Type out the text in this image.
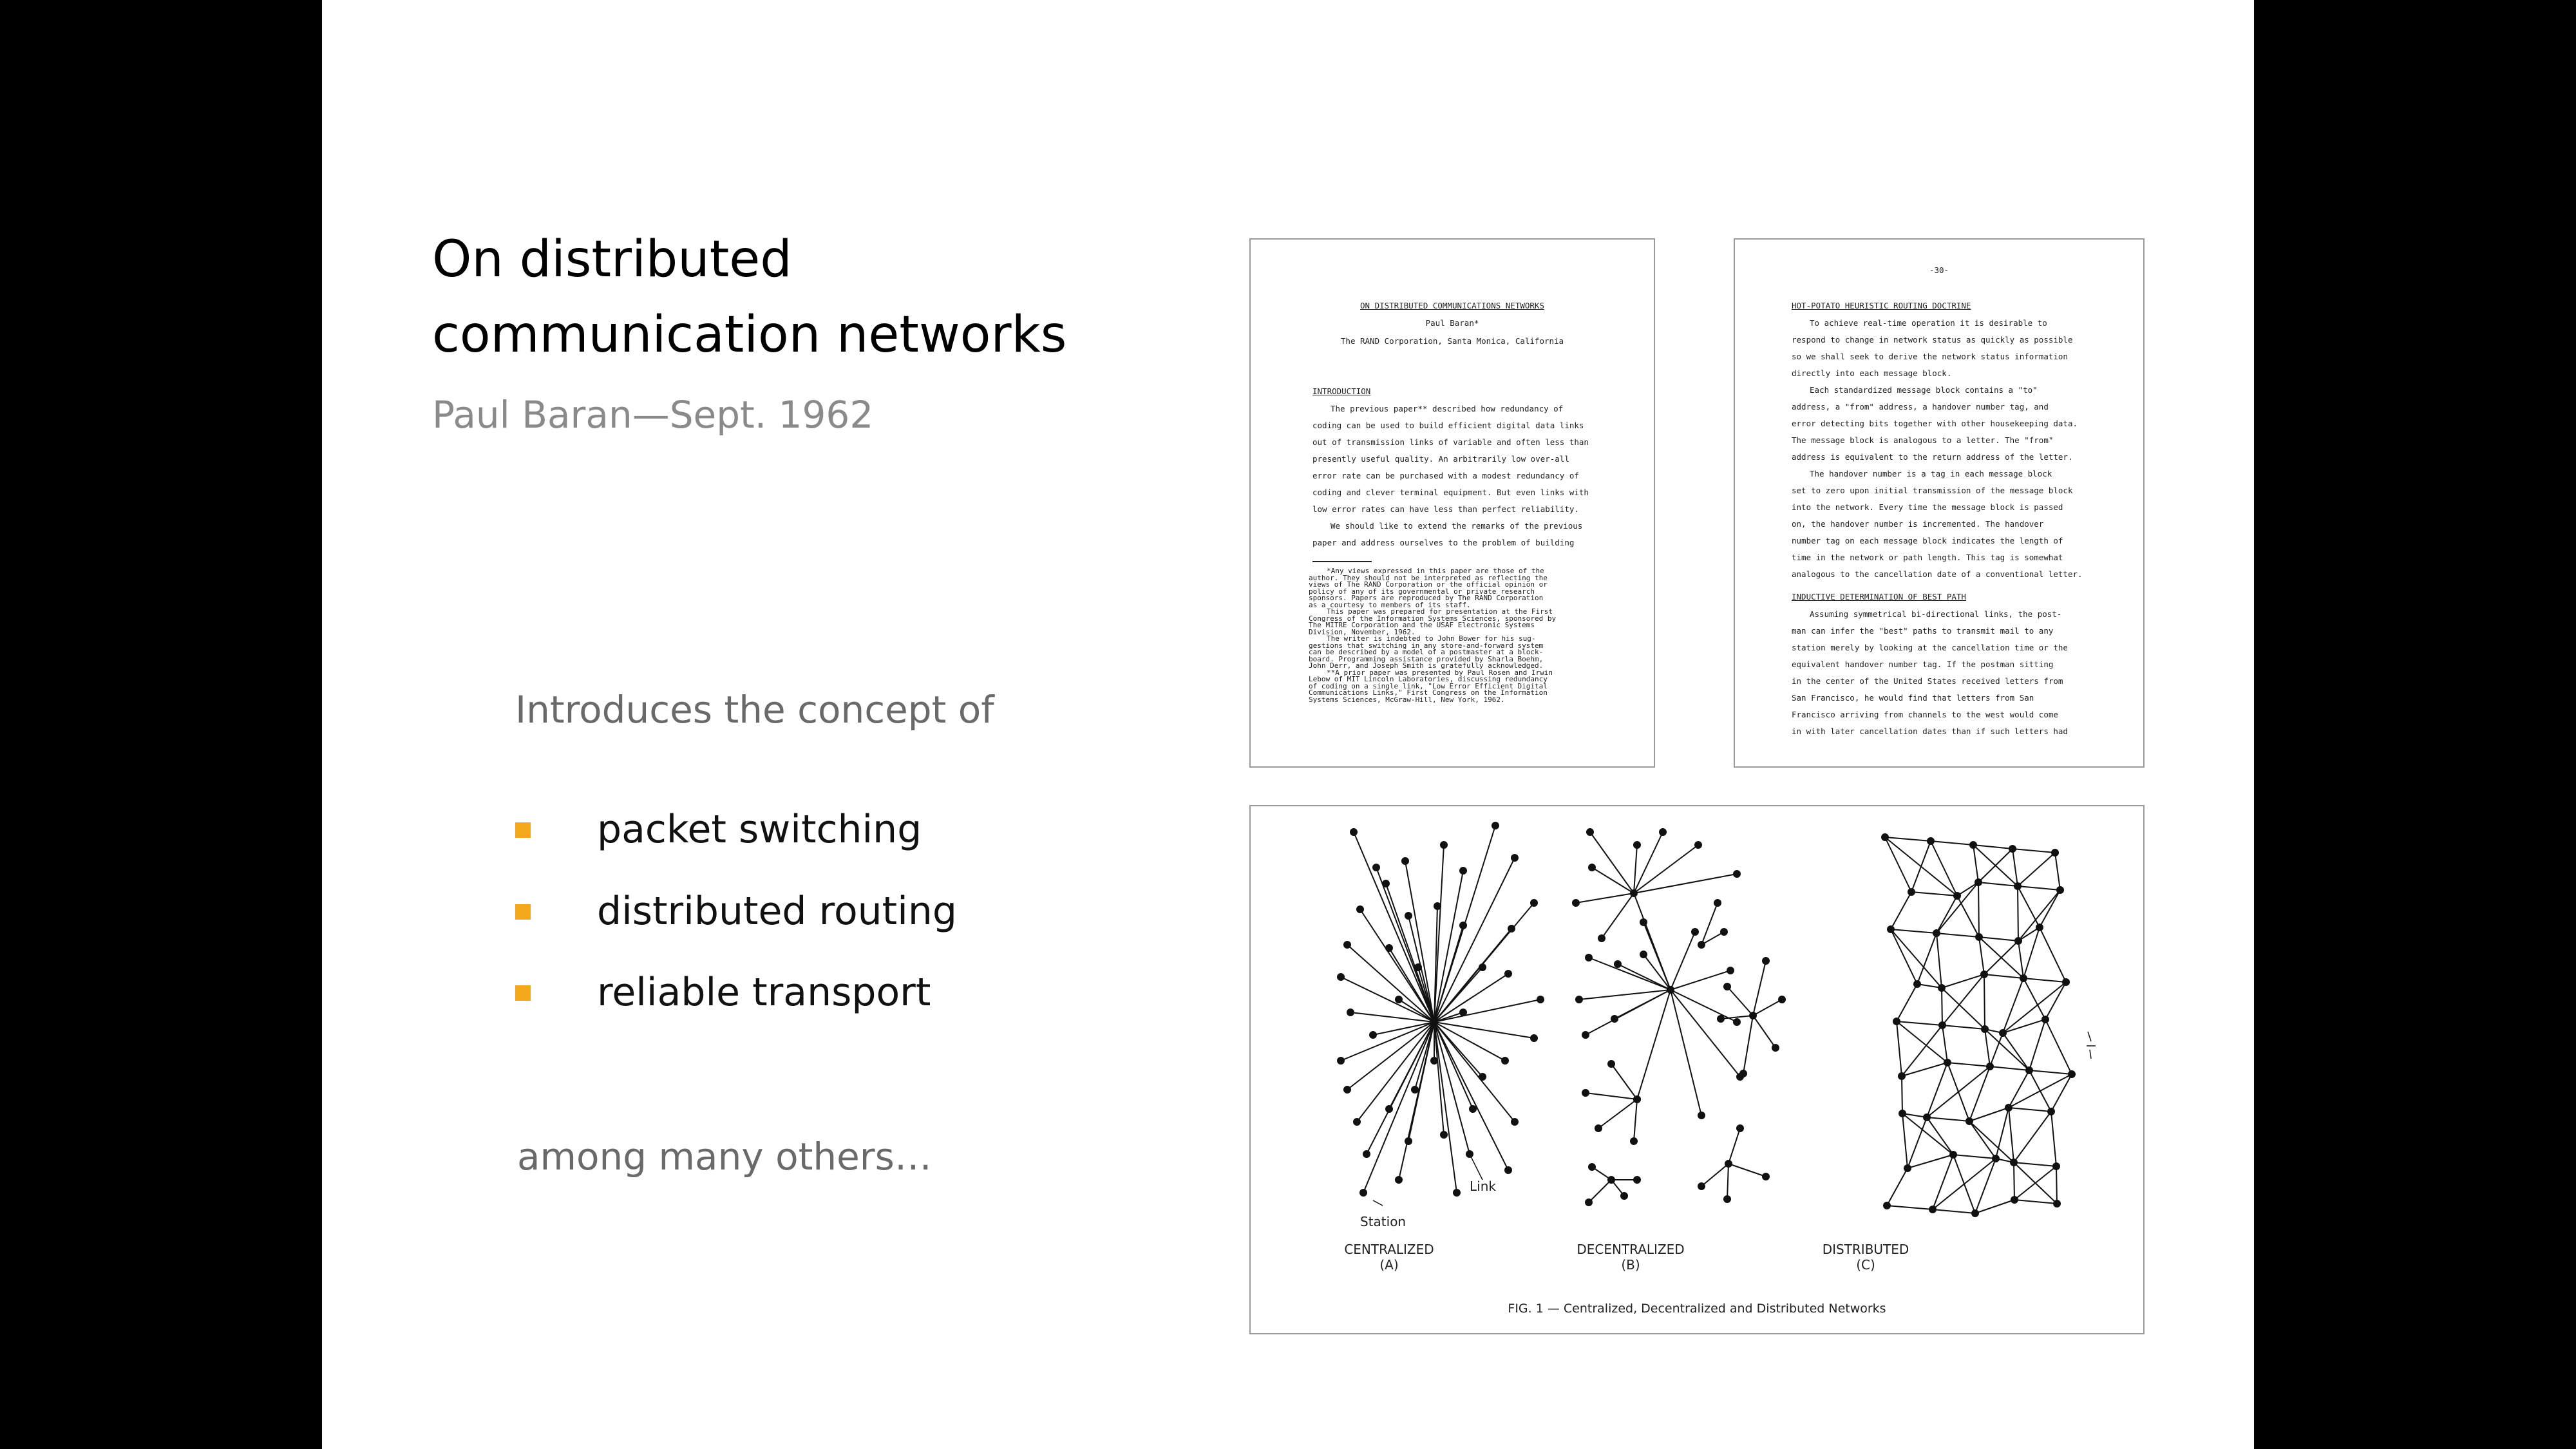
On distributed
communication networks
Paul Baran—Sept. 1962
Introduces the concept of
packet switching
distributed routing
reliable transport
among many others…
ON DISTRIBUTED COMMUNICATIONS NETWORKS
Paul Baran*
The RAND Corporation, Santa Monica, California
INTRODUCTION
The previous paper** described how redundancy of
coding can be used to build efficient digital data links
out of transmission links of variable and often less than
presently useful quality. An arbitrarily low over-all
error rate can be purchased with a modest redundancy of
coding and clever terminal equipment. But even links with
low error rates can have less than perfect reliability.
We should like to extend the remarks of the previous
paper and address ourselves to the problem of building
*Any views expressed in this paper are those of the
author. They should not be interpreted as reflecting the
views of The RAND Corporation or the official opinion or
policy of any of its governmental or private research
sponsors. Papers are reproduced by The RAND Corporation
as a courtesy to members of its staff.
This paper was prepared for presentation at the First
Congress of the Information Systems Sciences, sponsored by
The MITRE Corporation and the USAF Electronic Systems
Division, November, 1962.
The writer is indebted to John Bower for his sug-
gestions that switching in any store-and-forward system
can be described by a model of a postmaster at a block-
board. Programming assistance provided by Sharla Boehm,
John Derr, and Joseph Smith is gratefully acknowledged.
**A prior paper was presented by Paul Rosen and Irwin
Lebow of MIT Lincoln Laboratories, discussing redundancy
of coding on a single link, "Low Error Efficient Digital
Communications Links," First Congress on the Information
Systems Sciences, McGraw-Hill, New York, 1962.
-30-
HOT-POTATO HEURISTIC ROUTING DOCTRINE
To achieve real-time operation it is desirable to
respond to change in network status as quickly as possible
so we shall seek to derive the network status information
directly into each message block.
Each standardized message block contains a "to"
address, a "from" address, a handover number tag, and
error detecting bits together with other housekeeping data.
The message block is analogous to a letter. The "from"
address is equivalent to the return address of the letter.
The handover number is a tag in each message block
set to zero upon initial transmission of the message block
into the network. Every time the message block is passed
on, the handover number is incremented. The handover
number tag on each message block indicates the length of
time in the network or path length. This tag is somewhat
analogous to the cancellation date of a conventional letter.
INDUCTIVE DETERMINATION OF BEST PATH
Assuming symmetrical bi-directional links, the post-
man can infer the "best" paths to transmit mail to any
station merely by looking at the cancellation time or the
equivalent handover number tag. If the postman sitting
in the center of the United States received letters from
San Francisco, he would find that letters from San
Francisco arriving from channels to the west would come
in with later cancellation dates than if such letters had
Link
Station
CENTRALIZED
(A)
DECENTRALIZED
(B)
DISTRIBUTED
(C)
FIG. 1 — Centralized, Decentralized and Distributed Networks
